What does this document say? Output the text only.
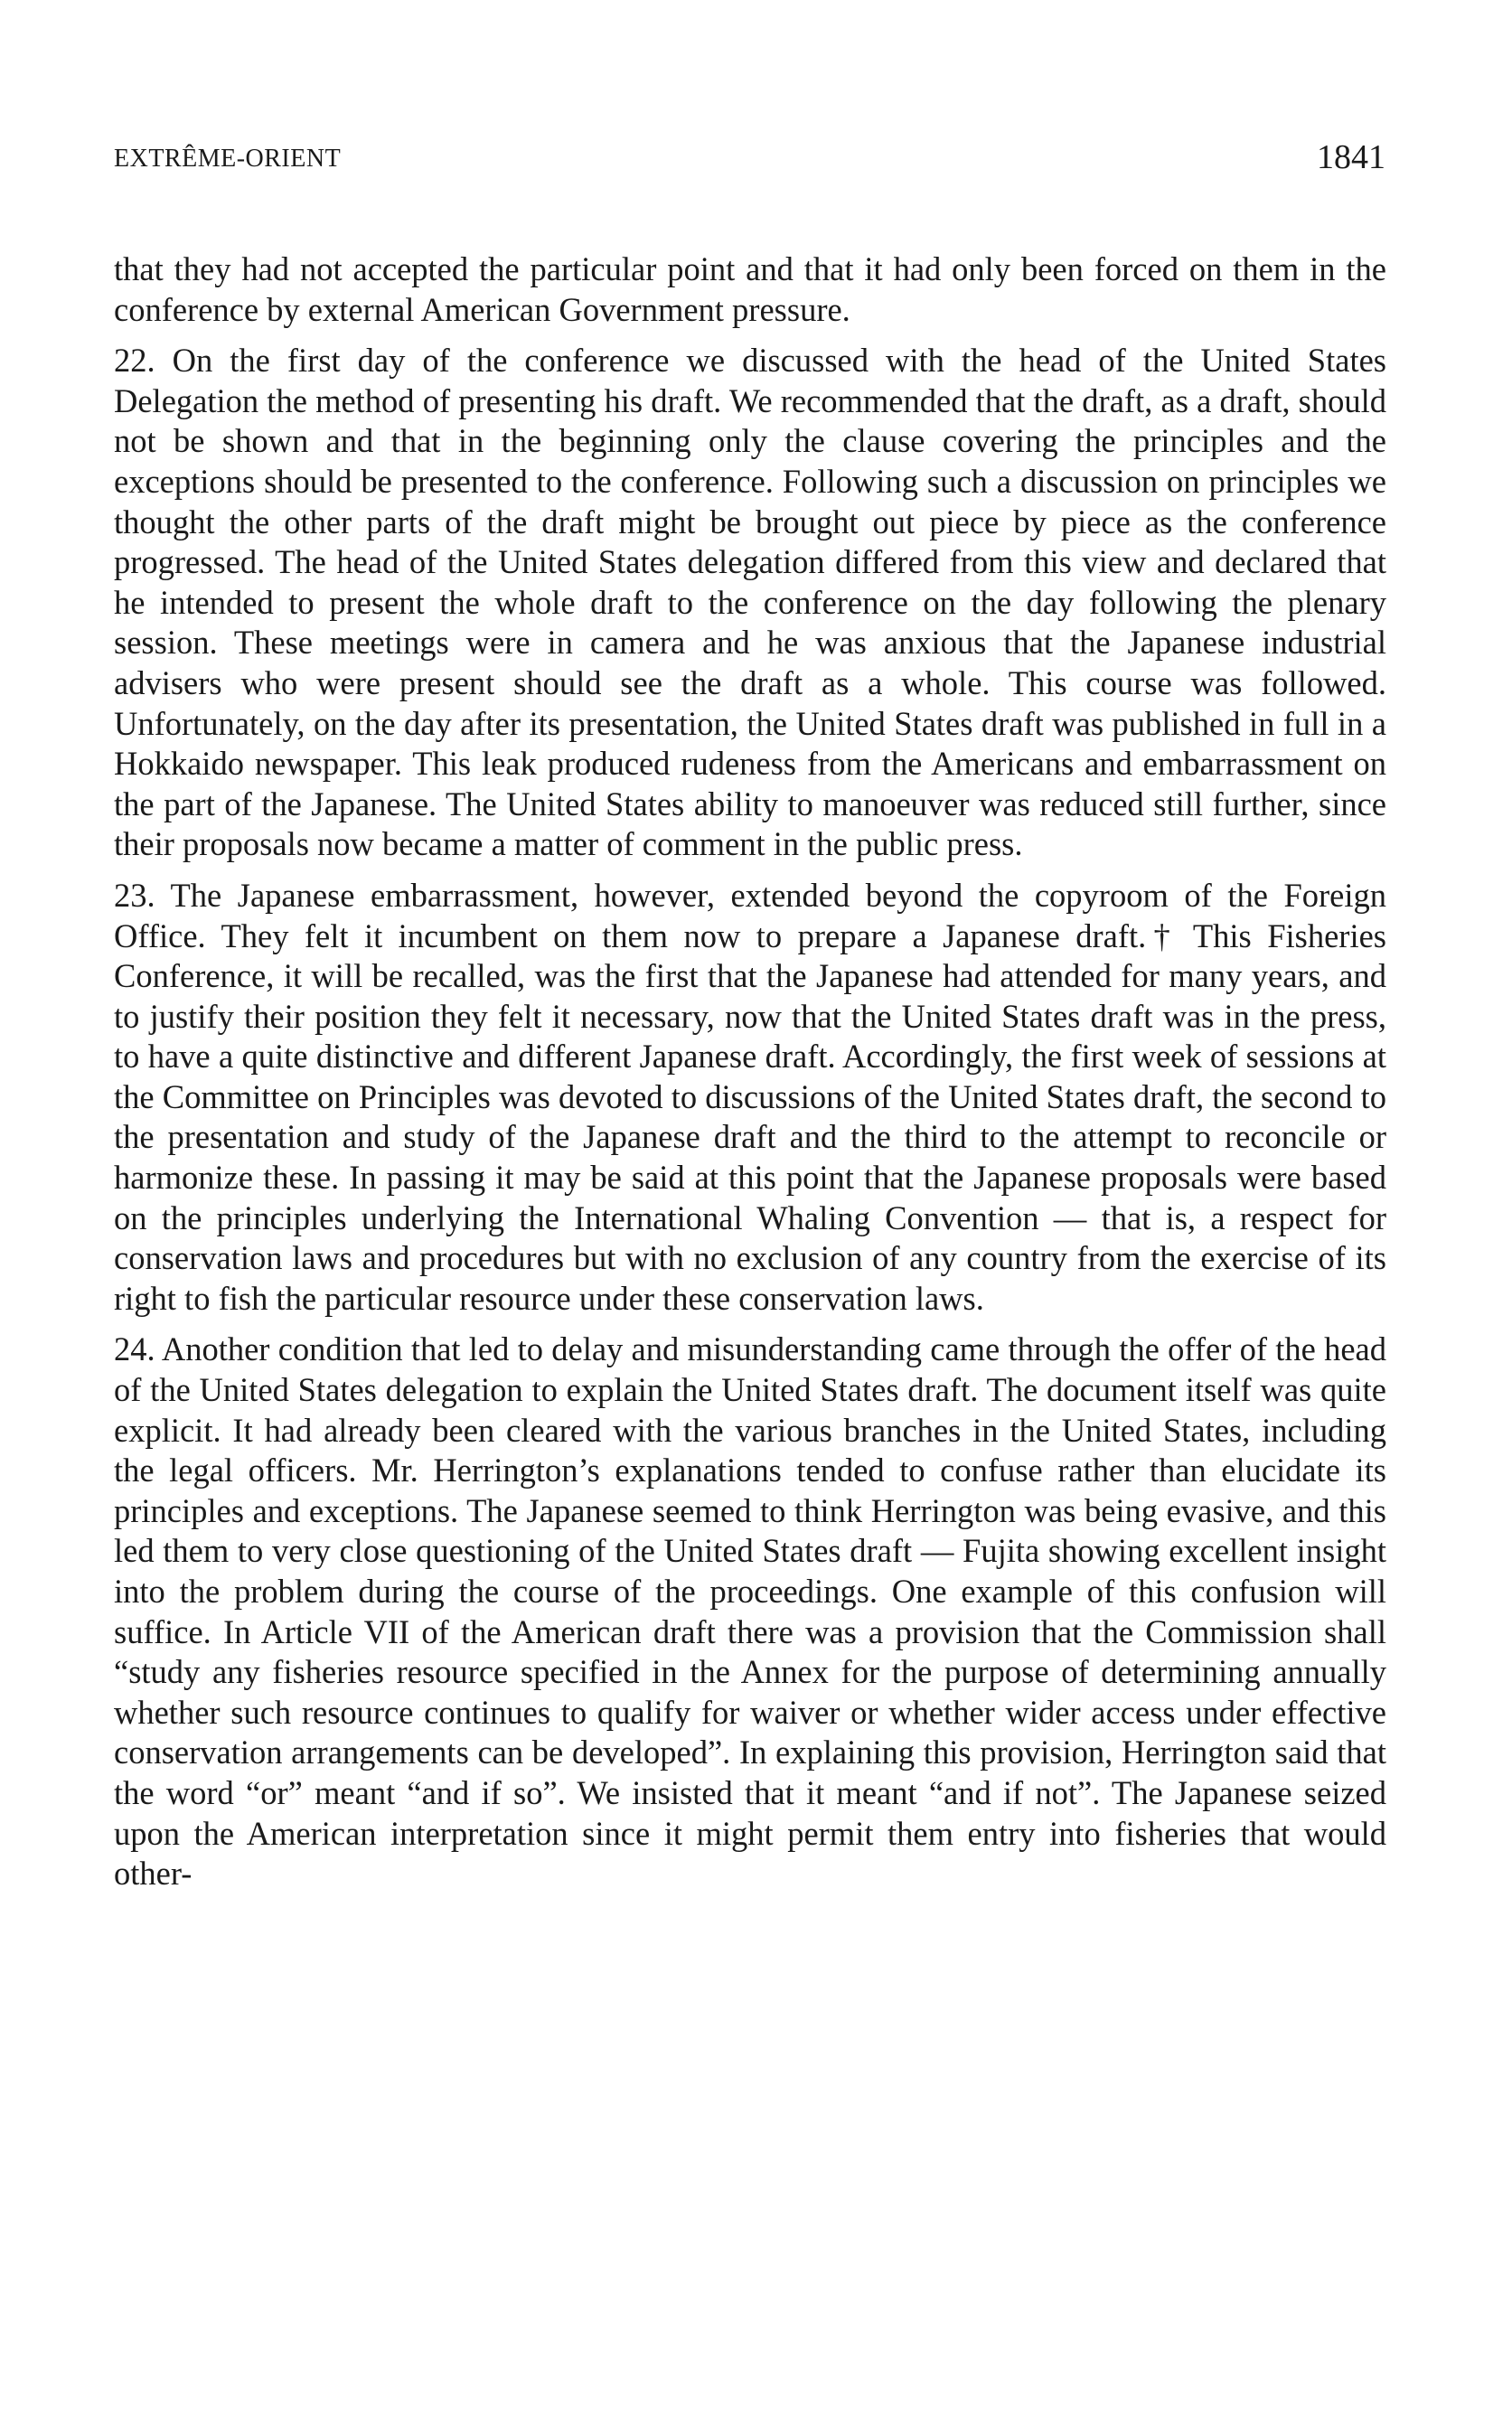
EXTRÊME-ORIENT	1841

that they had not accepted the particular point and that it had only been forced on them in the conference by external American Government pressure.

22. On the first day of the conference we discussed with the head of the United States Delegation the method of presenting his draft. We recommended that the draft, as a draft, should not be shown and that in the beginning only the clause covering the principles and the exceptions should be presented to the conference. Following such a discussion on principles we thought the other parts of the draft might be brought out piece by piece as the conference progressed. The head of the United States delegation differed from this view and declared that he intended to present the whole draft to the conference on the day following the plenary session. These meetings were in camera and he was anxious that the Japanese industrial advisers who were present should see the draft as a whole. This course was followed. Unfortunately, on the day after its presentation, the United States draft was published in full in a Hokkaido newspaper. This leak produced rudeness from the Americans and embarrassment on the part of the Japanese. The United States ability to manoeuver was reduced still further, since their proposals now became a matter of comment in the public press.

23. The Japanese embarrassment, however, extended beyond the copyroom of the Foreign Office. They felt it incumbent on them now to prepare a Japanese draft.† This Fisheries Conference, it will be recalled, was the first that the Japanese had attended for many years, and to justify their position they felt it necessary, now that the United States draft was in the press, to have a quite distinctive and different Japanese draft. Accordingly, the first week of sessions at the Committee on Principles was devoted to discussions of the United States draft, the second to the presentation and study of the Japanese draft and the third to the attempt to reconcile or harmonize these. In passing it may be said at this point that the Japanese proposals were based on the principles underlying the International Whaling Convention — that is, a respect for conservation laws and procedures but with no exclusion of any country from the exercise of its right to fish the particular resource under these conservation laws.

24. Another condition that led to delay and misunderstanding came through the offer of the head of the United States delegation to explain the United States draft. The document itself was quite explicit. It had already been cleared with the various branches in the United States, including the legal officers. Mr. Herrington’s explanations tended to confuse rather than elucidate its principles and exceptions. The Japanese seemed to think Herrington was being evasive, and this led them to very close questioning of the United States draft — Fujita showing excellent insight into the problem during the course of the proceedings. One example of this confusion will suffice. In Article VII of the American draft there was a provision that the Commission shall “study any fisheries resource specified in the Annex for the purpose of determining annually whether such resource continues to qualify for waiver or whether wider access under effective conservation arrangements can be developed”. In explaining this provision, Herrington said that the word “or” meant “and if so”. We insisted that it meant “and if not”. The Japanese seized upon the American interpretation since it might permit them entry into fisheries that would other-
